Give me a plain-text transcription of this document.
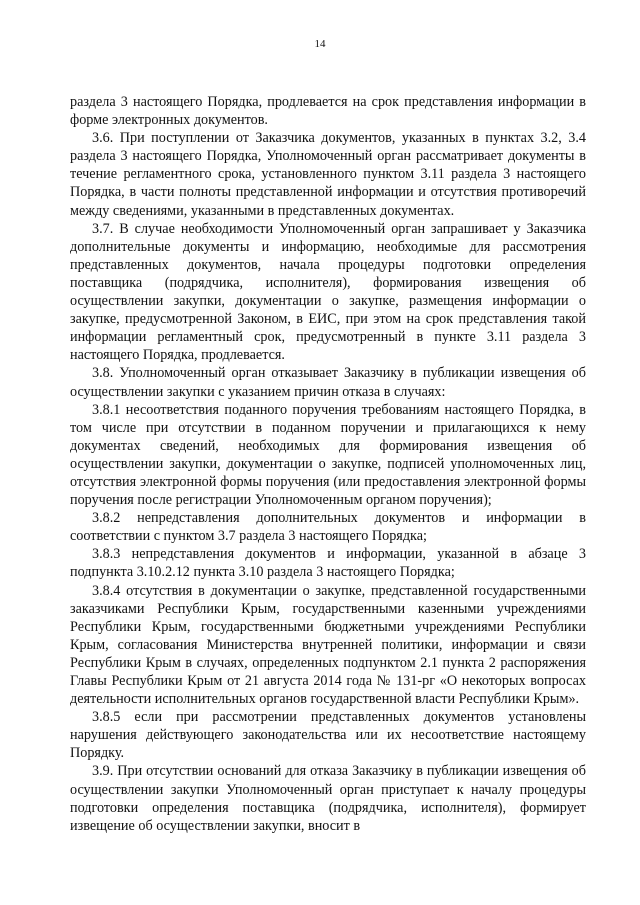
14

раздела 3 настоящего Порядка, продлевается на срок представления информации в форме электронных документов.

3.6. При поступлении от Заказчика документов, указанных в пунктах 3.2, 3.4 раздела 3 настоящего Порядка, Уполномоченный орган рассматривает документы в течение регламентного срока, установленного пунктом 3.11 раздела 3 настоящего Порядка, в части полноты представленной информации и отсутствия противоречий между сведениями, указанными в представленных документах.

3.7. В случае необходимости Уполномоченный орган запрашивает у Заказчика дополнительные документы и информацию, необходимые для рассмотрения представленных документов, начала процедуры подготовки определения поставщика (подрядчика, исполнителя), формирования извещения об осуществлении закупки, документации о закупке, размещения информации о закупке, предусмотренной Законом, в ЕИС, при этом на срок представления такой информации регламентный срок, предусмотренный в пункте 3.11 раздела 3 настоящего Порядка, продлевается.

3.8. Уполномоченный орган отказывает Заказчику в публикации извещения об осуществлении закупки с указанием причин отказа в случаях:

3.8.1 несоответствия поданного поручения требованиям настоящего Порядка, в том числе при отсутствии в поданном поручении и прилагающихся к нему документах сведений, необходимых для формирования извещения об осуществлении закупки, документации о закупке, подписей уполномоченных лиц, отсутствия электронной формы поручения (или предоставления электронной формы поручения после регистрации Уполномоченным органом поручения);

3.8.2 непредставления дополнительных документов и информации в соответствии с пунктом 3.7 раздела 3 настоящего Порядка;

3.8.3 непредставления документов и информации, указанной в абзаце 3 подпункта 3.10.2.12 пункта 3.10 раздела 3 настоящего Порядка;

3.8.4 отсутствия в документации о закупке, представленной государственными заказчиками Республики Крым, государственными казенными учреждениями Республики Крым, государственными бюджетными учреждениями Республики Крым, согласования Министерства внутренней политики, информации и связи Республики Крым в случаях, определенных подпунктом 2.1 пункта 2 распоряжения Главы Республики Крым от 21 августа 2014 года № 131-рг «О некоторых вопросах деятельности исполнительных органов государственной власти Республики Крым».

3.8.5 если при рассмотрении представленных документов установлены нарушения действующего законодательства или их несоответствие настоящему Порядку.

3.9. При отсутствии оснований для отказа Заказчику в публикации извещения об осуществлении закупки Уполномоченный орган приступает к началу процедуры подготовки определения поставщика (подрядчика, исполнителя), формирует извещение об осуществлении закупки, вносит в
